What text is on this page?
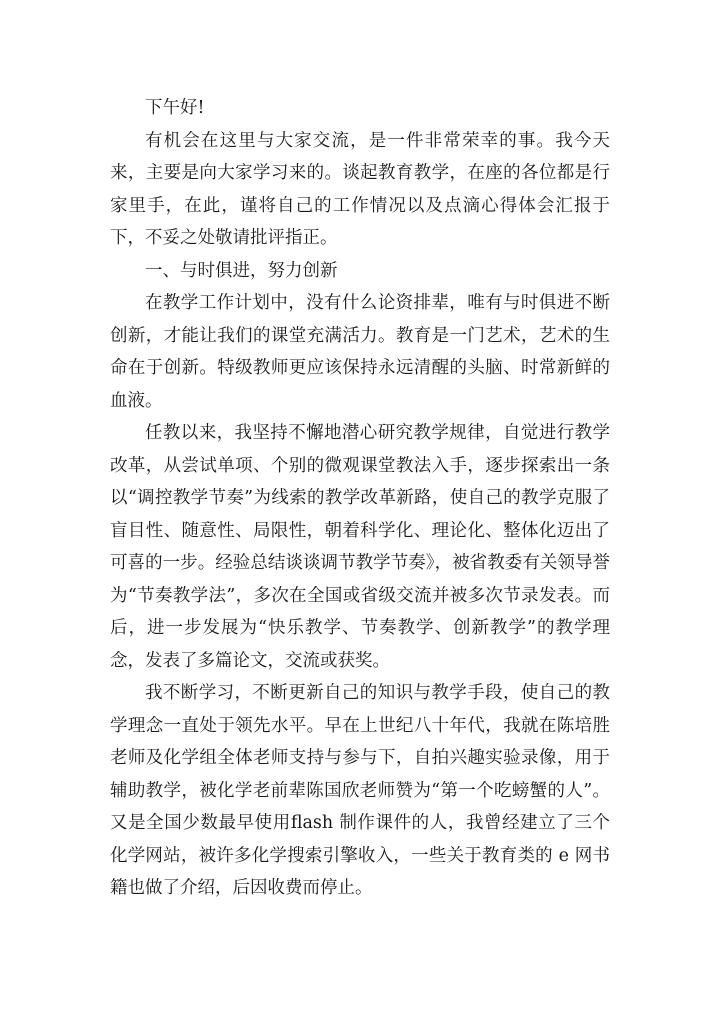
下午好!

有机会在这里与大家交流，是一件非常荣幸的事。我今天来，主要是向大家学习来的。谈起教育教学，在座的各位都是行家里手，在此，谨将自己的工作情况以及点滴心得体会汇报于下，不妥之处敬请批评指正。

一、与时俱进，努力创新

在教学工作计划中，没有什么论资排辈，唯有与时俱进不断创新，才能让我们的课堂充满活力。教育是一门艺术，艺术的生命在于创新。特级教师更应该保持永远清醒的头脑、时常新鲜的血液。

任教以来，我坚持不懈地潜心研究教学规律，自觉进行教学改革，从尝试单项、个别的微观课堂教法入手，逐步探索出一条以“调控教学节奏”为线索的教学改革新路，使自己的教学克服了盲目性、随意性、局限性，朝着科学化、理论化、整体化迈出了可喜的一步。经验总结谈谈调节教学节奏》，被省教委有关领导誉为“节奏教学法”，多次在全国或省级交流并被多次节录发表。而后，进一步发展为“快乐教学、节奏教学、创新教学”的教学理念，发表了多篇论文，交流或获奖。

我不断学习，不断更新自己的知识与教学手段，使自己的教学理念一直处于领先水平。早在上世纪八十年代，我就在陈培胜老师及化学组全体老师支持与参与下，自拍兴趣实验录像，用于辅助教学，被化学老前辈陈国欣老师赞为“第一个吃螃蟹的人”。又是全国少数最早使用flash 制作课件的人，我曾经建立了三个化学网站，被许多化学搜索引擎收入，一些关于教育类的 e 网书籍也做了介绍，后因收费而停止。
